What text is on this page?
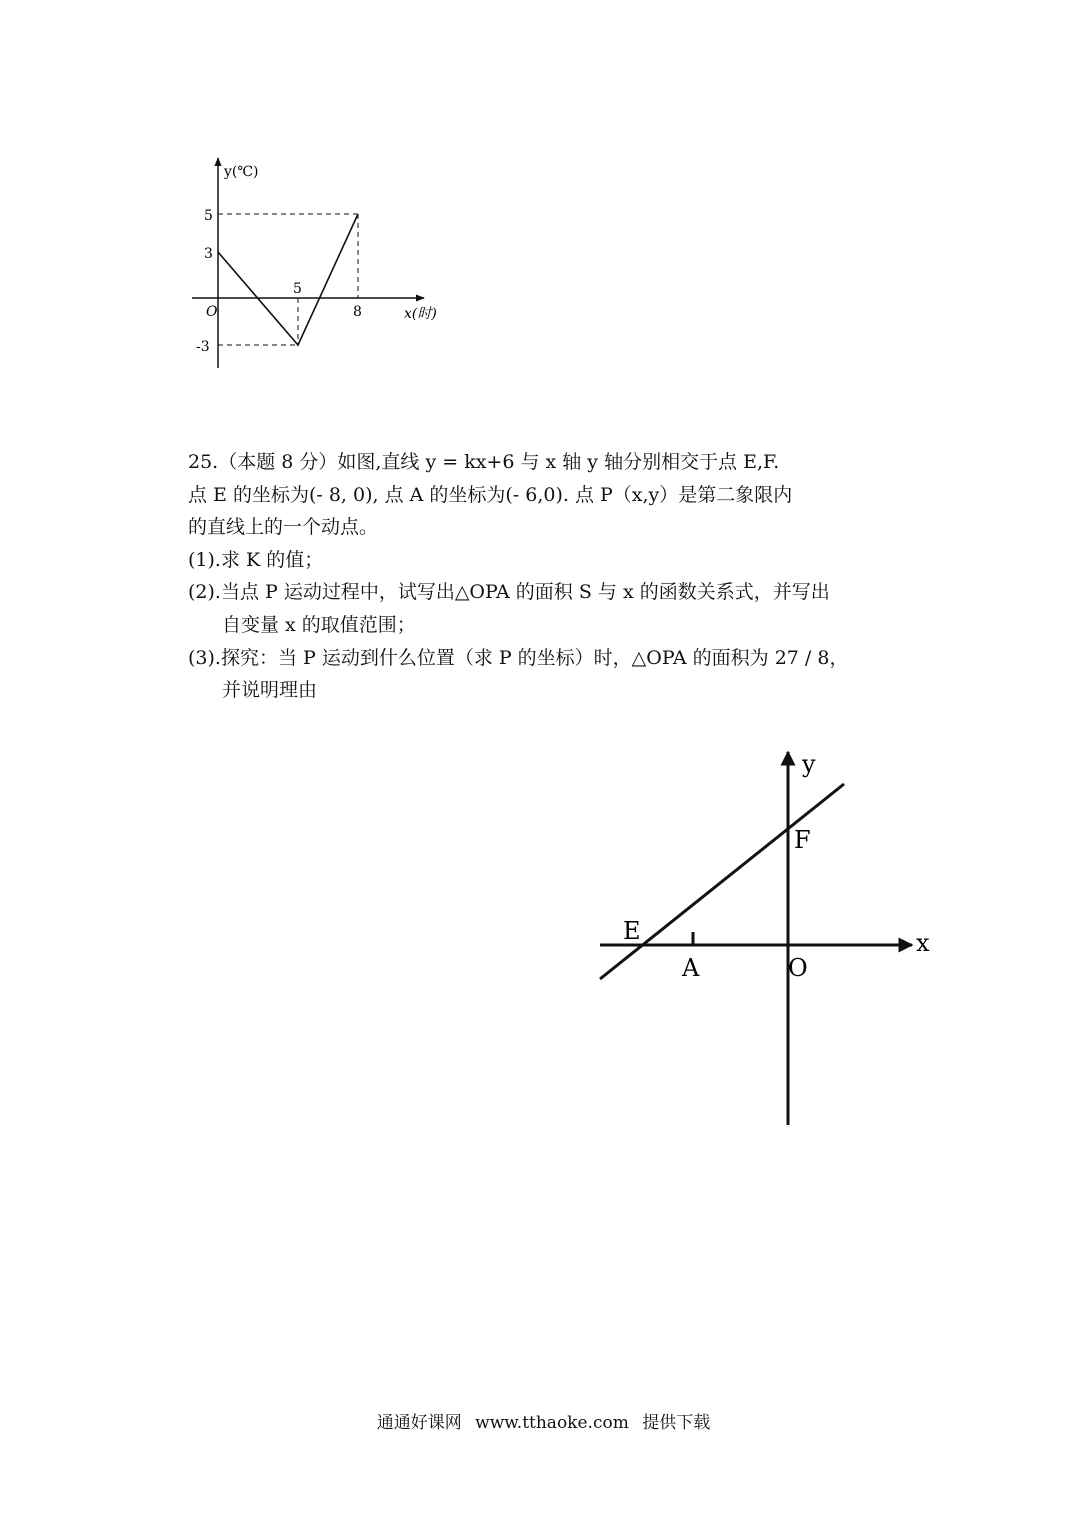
y(℃)
x(时)
O
5
3
-3
5
8

25.（本题 8 分）如图,直线 y = kx+6 与 x 轴 y 轴分别相交于点 E,F.

点 E 的坐标为(- 8, 0), 点 A 的坐标为(- 6,0). 点 P（x,y）是第二象限内

的直线上的一个动点。

(1).求 K 的值；

(2).当点 P 运动过程中，试写出△OPA 的面积 S 与 x 的函数关系式，并写出

自变量 x 的取值范围；

(3).探究：当 P 运动到什么位置（求 P 的坐标）时，△OPA 的面积为 27 / 8，

并说明理由

y
x
F
E
A	O
通通好课网 www.tthaoke.com 提供下载
